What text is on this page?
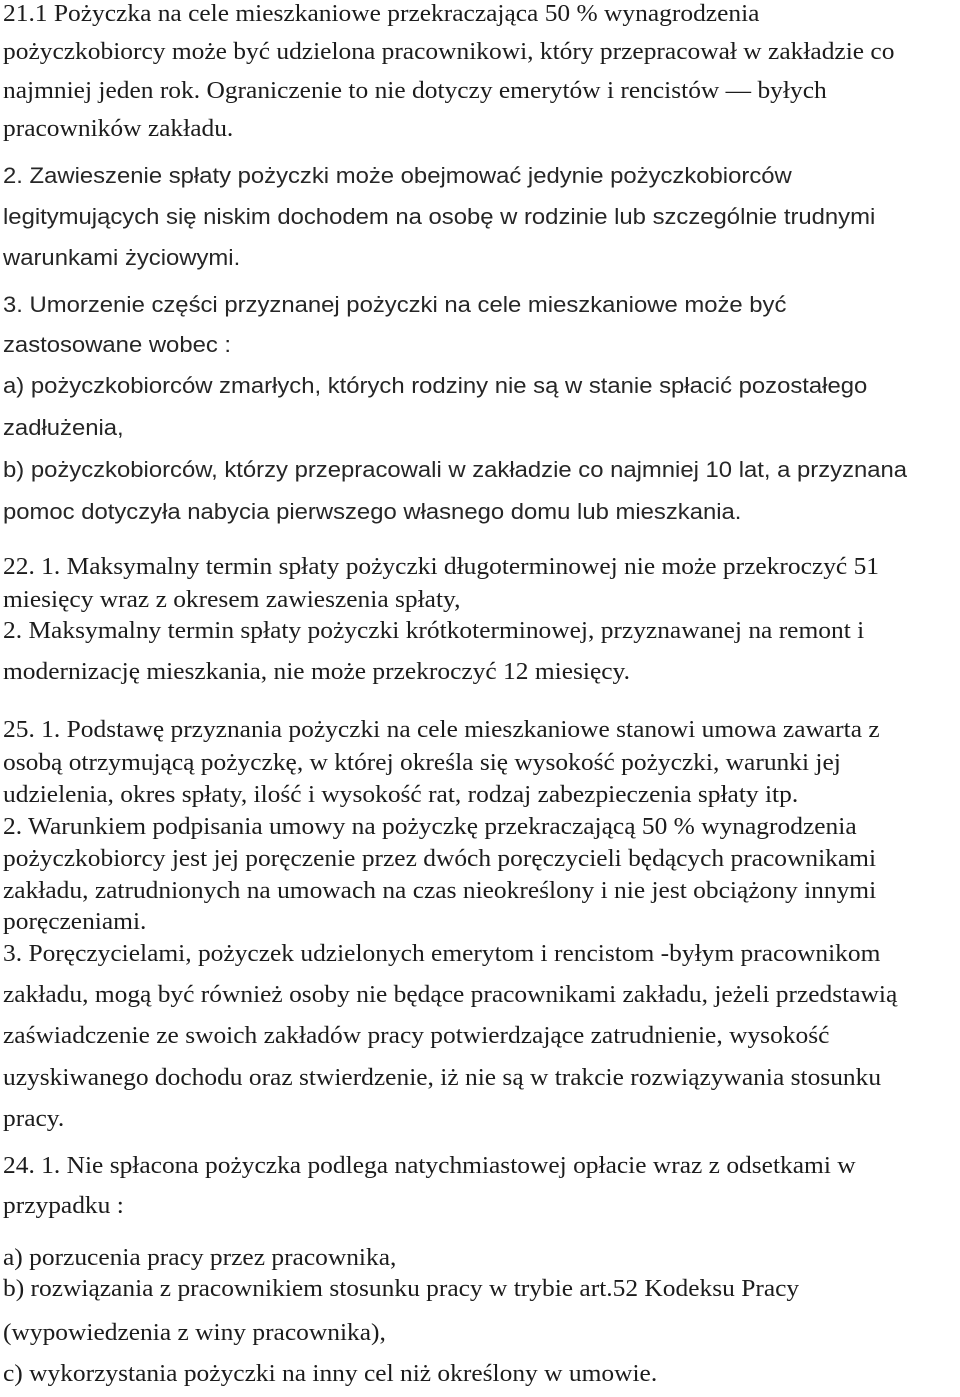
21.1 Pożyczka na cele mieszkaniowe przekraczająca 50 % wynagrodzenia
pożyczkobiorcy może być udzielona pracownikowi, który przepracował w zakładzie co
najmniej jeden rok. Ograniczenie to nie dotyczy emerytów i rencistów — byłych
pracowników zakładu.
2. Zawieszenie spłaty pożyczki może obejmować jedynie pożyczkobiorców
legitymujących się niskim dochodem na osobę w rodzinie lub szczególnie trudnymi
warunkami życiowymi.
3. Umorzenie części przyznanej pożyczki na cele mieszkaniowe może być
zastosowane wobec :
a) pożyczkobiorców zmarłych, których rodziny nie są w stanie spłacić pozostałego
zadłużenia,
b) pożyczkobiorców, którzy przepracowali w zakładzie co najmniej 10 lat, a przyznana
pomoc dotyczyła nabycia pierwszego własnego domu lub mieszkania.
22. 1. Maksymalny termin spłaty pożyczki długoterminowej nie może przekroczyć 51
miesięcy wraz z okresem zawieszenia spłaty,
2. Maksymalny termin spłaty pożyczki krótkoterminowej, przyznawanej na remont i
modernizację mieszkania, nie może przekroczyć 12 miesięcy.
25. 1. Podstawę przyznania pożyczki na cele mieszkaniowe stanowi umowa zawarta z
osobą otrzymującą pożyczkę, w której określa się wysokość pożyczki, warunki jej
udzielenia, okres spłaty, ilość i wysokość rat, rodzaj zabezpieczenia spłaty itp.
2. Warunkiem podpisania umowy na pożyczkę przekraczającą 50 % wynagrodzenia
pożyczkobiorcy jest jej poręczenie przez dwóch poręczycieli będących pracownikami
zakładu, zatrudnionych na umowach na czas nieokreślony i nie jest obciążony innymi
poręczeniami.
3. Poręczycielami, pożyczek udzielonych emerytom i rencistom -byłym pracownikom
zakładu, mogą być również osoby nie będące pracownikami zakładu, jeżeli przedstawią
zaświadczenie ze swoich zakładów pracy potwierdzające zatrudnienie, wysokość
uzyskiwanego dochodu oraz stwierdzenie, iż nie są w trakcie rozwiązywania stosunku
pracy.
24. 1. Nie spłacona pożyczka podlega natychmiastowej opłacie wraz z odsetkami w
przypadku :
a) porzucenia pracy przez pracownika,
b) rozwiązania z pracownikiem stosunku pracy w trybie art.52 Kodeksu Pracy
(wypowiedzenia z winy pracownika),
c) wykorzystania pożyczki na inny cel niż określony w umowie.
